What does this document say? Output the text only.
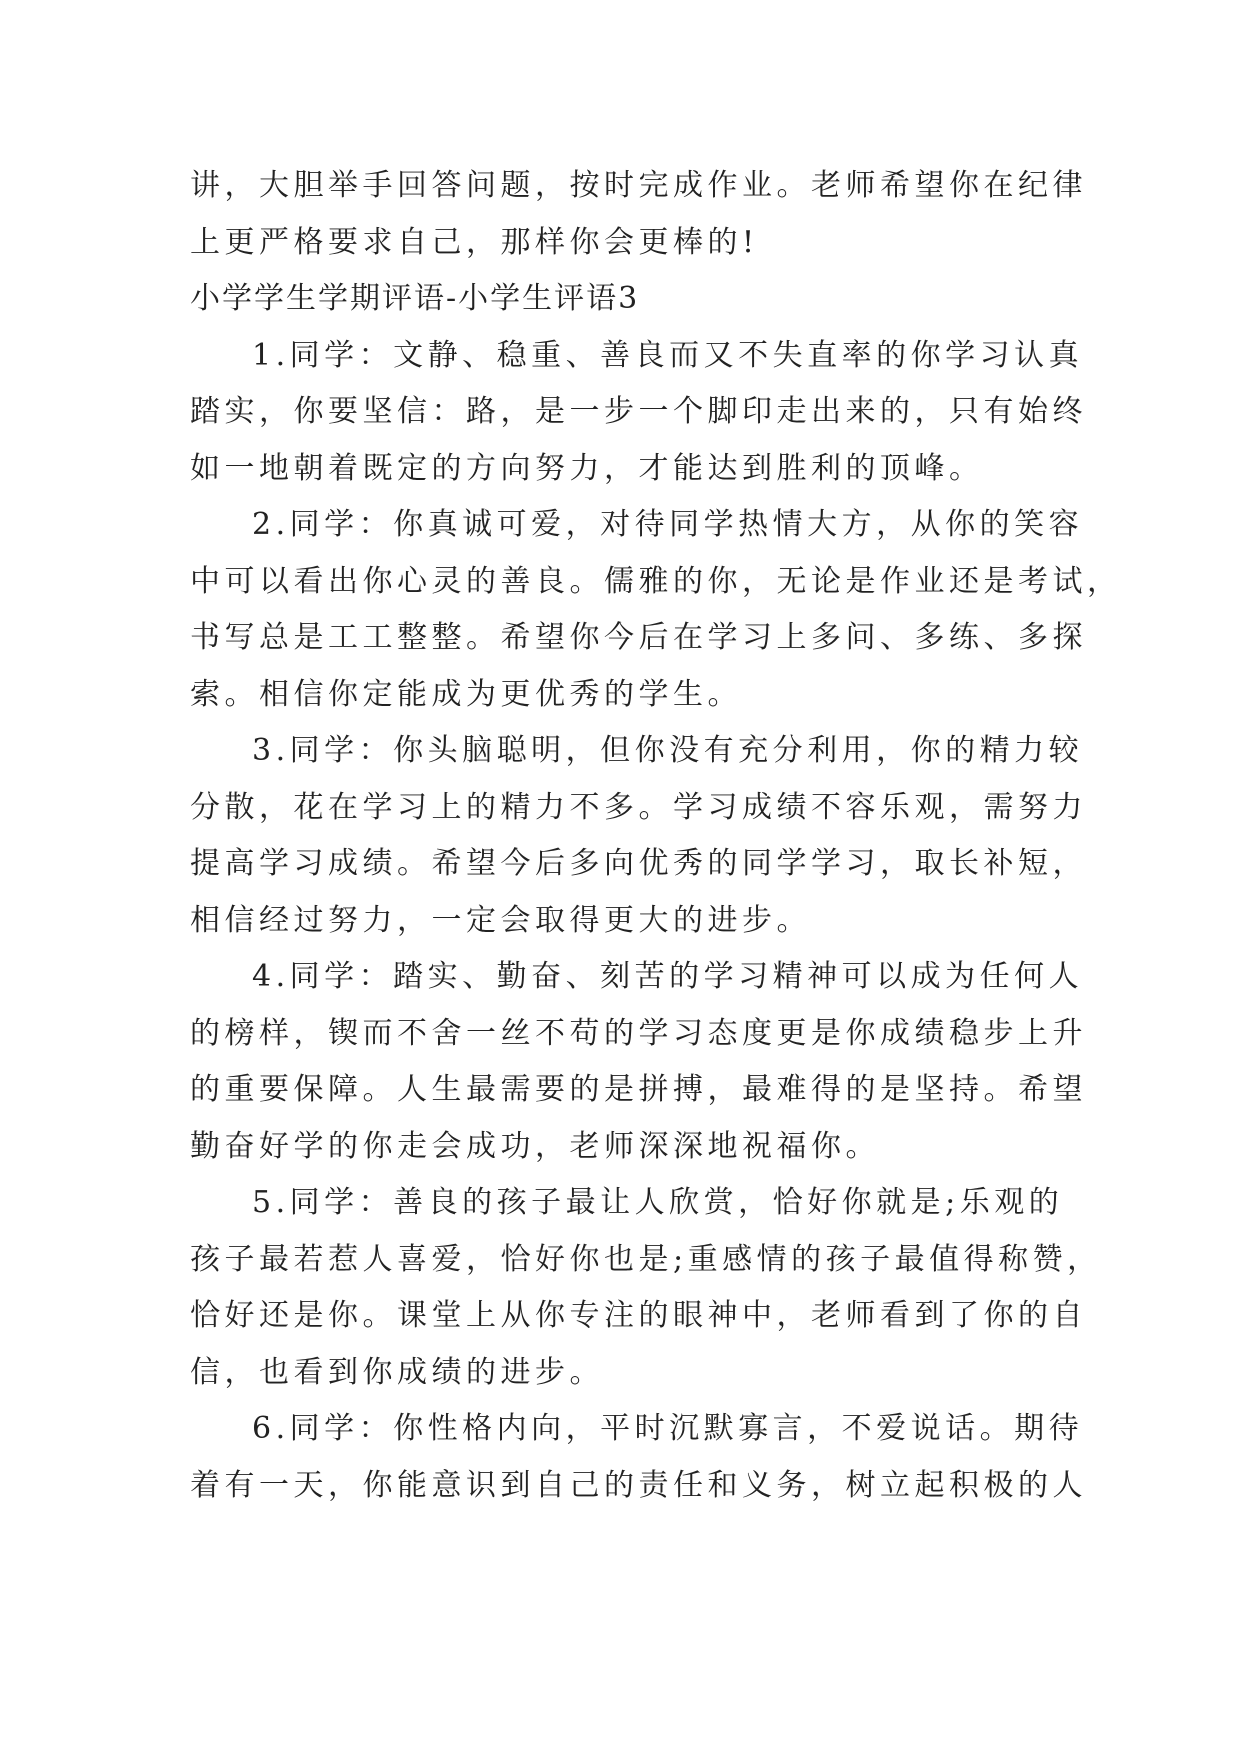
讲，大胆举手回答问题，按时完成作业。老师希望你在纪律

上更严格要求自己，那样你会更棒的!

小学学生学期评语-小学生评语3

1.同学：文静、稳重、善良而又不失直率的你学习认真

踏实，你要坚信：路，是一步一个脚印走出来的，只有始终

如一地朝着既定的方向努力，才能达到胜利的顶峰。

2.同学：你真诚可爱，对待同学热情大方，从你的笑容

中可以看出你心灵的善良。儒雅的你，无论是作业还是考试，

书写总是工工整整。希望你今后在学习上多问、多练、多探

索。相信你定能成为更优秀的学生。

3.同学：你头脑聪明，但你没有充分利用，你的精力较

分散，花在学习上的精力不多。学习成绩不容乐观，需努力

提高学习成绩。希望今后多向优秀的同学学习，取长补短，

相信经过努力，一定会取得更大的进步。

4.同学：踏实、勤奋、刻苦的学习精神可以成为任何人

的榜样，锲而不舍一丝不苟的学习态度更是你成绩稳步上升

的重要保障。人生最需要的是拼搏，最难得的是坚持。希望

勤奋好学的你走会成功，老师深深地祝福你。

5.同学：善良的孩子最让人欣赏，恰好你就是;乐观的

孩子最若惹人喜爱，恰好你也是;重感情的孩子最值得称赞，

恰好还是你。课堂上从你专注的眼神中，老师看到了你的自

信，也看到你成绩的进步。

6.同学：你性格内向，平时沉默寡言，不爱说话。期待

着有一天，你能意识到自己的责任和义务，树立起积极的人
